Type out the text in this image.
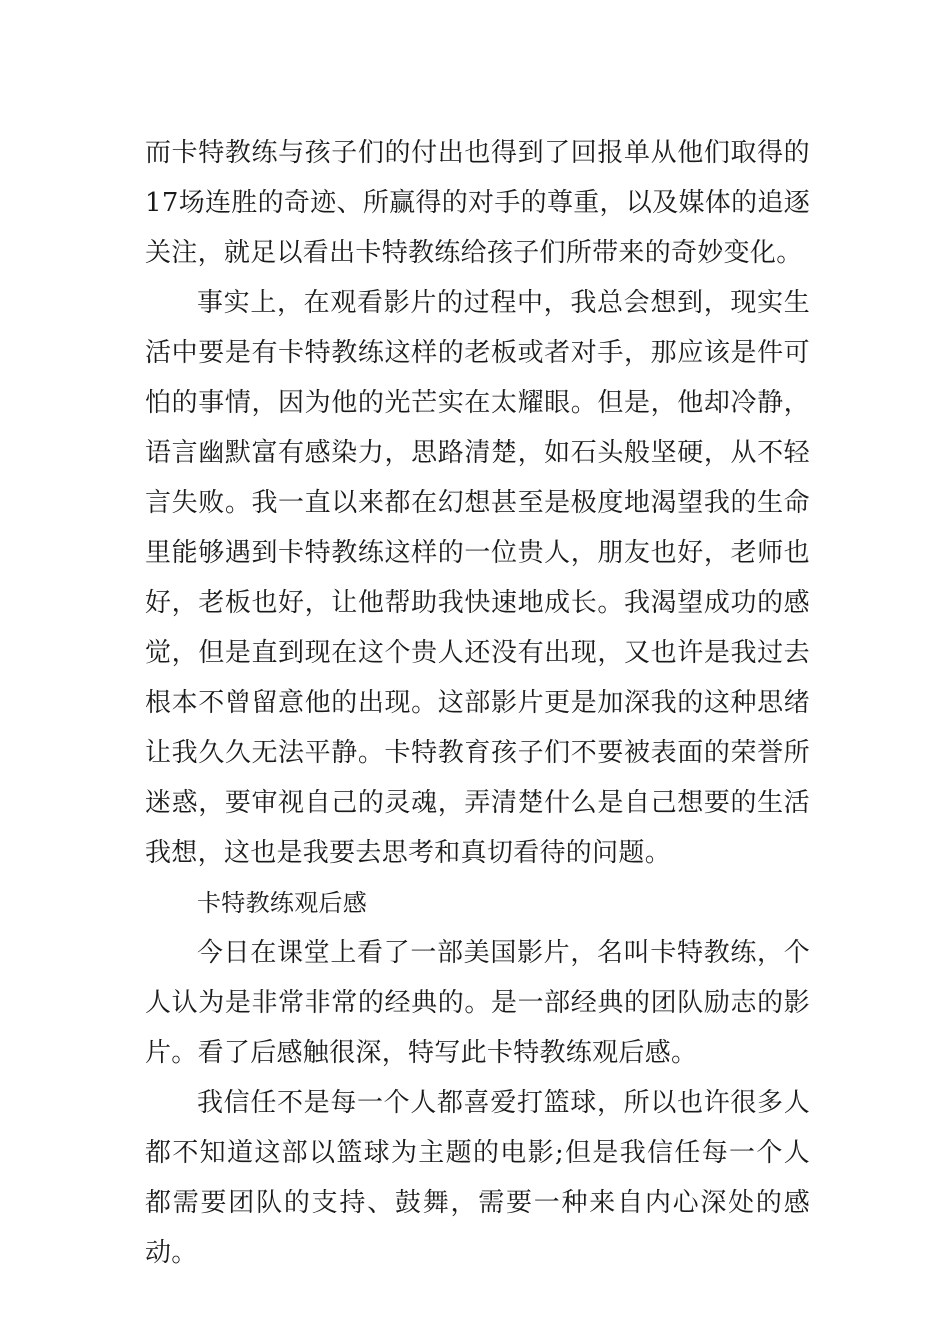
而卡特教练与孩子们的付出也得到了回报单从他们取得的17场连胜的奇迹、所赢得的对手的尊重，以及媒体的追逐关注，就足以看出卡特教练给孩子们所带来的奇妙变化。

事实上，在观看影片的过程中，我总会想到，现实生活中要是有卡特教练这样的老板或者对手，那应该是件可怕的事情，因为他的光芒实在太耀眼。但是，他却冷静，语言幽默富有感染力，思路清楚，如石头般坚硬，从不轻言失败。我一直以来都在幻想甚至是极度地渴望我的生命里能够遇到卡特教练这样的一位贵人，朋友也好，老师也好，老板也好，让他帮助我快速地成长。我渴望成功的感觉，但是直到现在这个贵人还没有出现，又也许是我过去根本不曾留意他的出现。这部影片更是加深我的这种思绪让我久久无法平静。卡特教育孩子们不要被表面的荣誉所迷惑，要审视自己的灵魂，弄清楚什么是自己想要的生活我想，这也是我要去思考和真切看待的问题。

卡特教练观后感

今日在课堂上看了一部美国影片，名叫卡特教练，个人认为是非常非常的经典的。是一部经典的团队励志的影片。看了后感触很深，特写此卡特教练观后感。

我信任不是每一个人都喜爱打篮球，所以也许很多人都不知道这部以篮球为主题的电影;但是我信任每一个人都需要团队的支持、鼓舞，需要一种来自内心深处的感动。
